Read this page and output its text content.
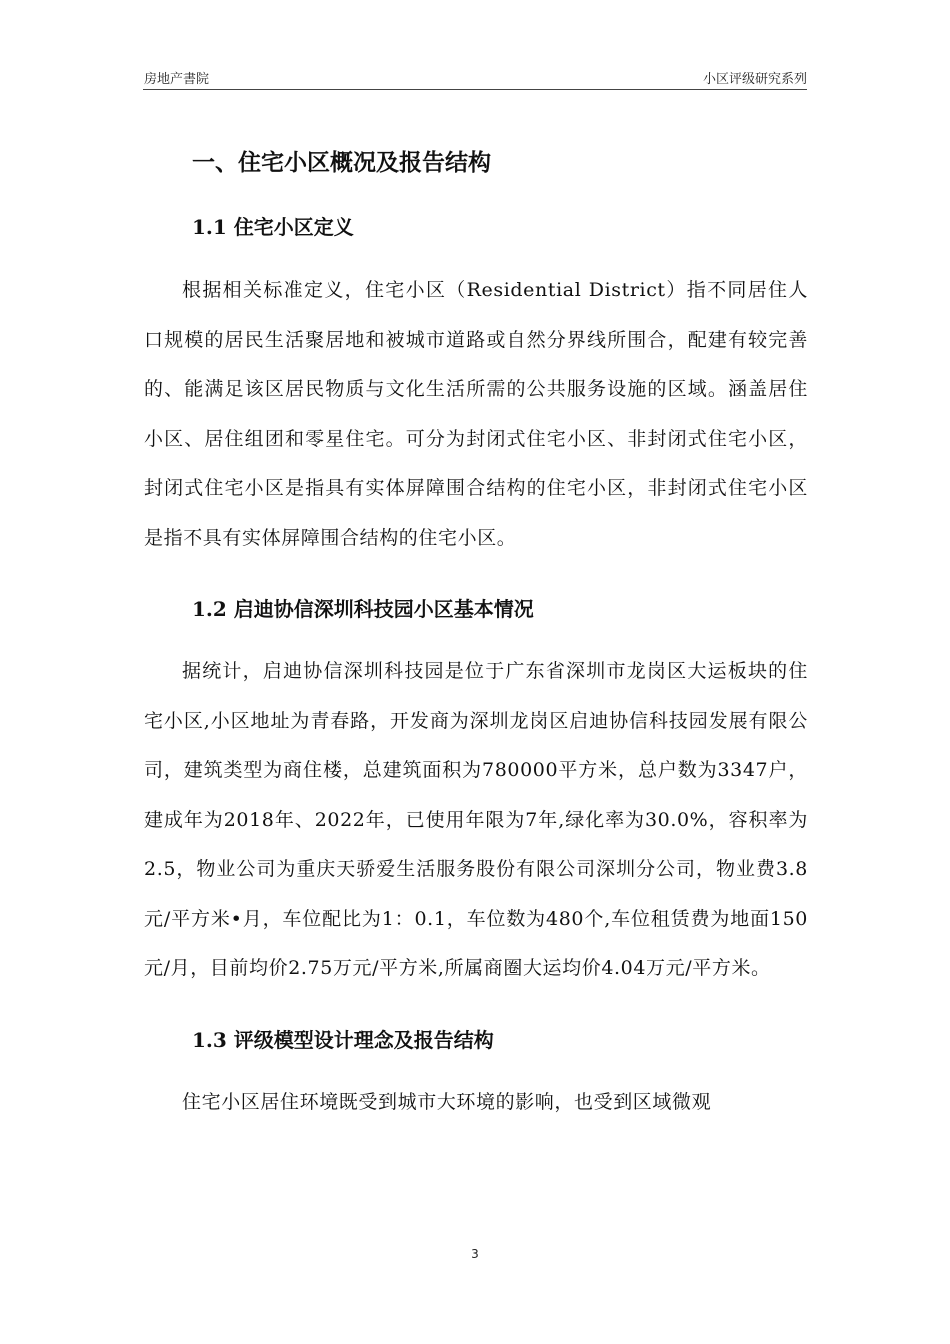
房地产書院	小区评级研究系列
一、住宅小区概况及报告结构
1.1 住宅小区定义

根据相关标准定义，住宅小区（Residential District）指不同居住人口规模的居民生活聚居地和被城市道路或自然分界线所围合，配建有较完善的、能满足该区居民物质与文化生活所需的公共服务设施的区域。涵盖居住小区、居住组团和零星住宅。可分为封闭式住宅小区、非封闭式住宅小区，封闭式住宅小区是指具有实体屏障围合结构的住宅小区，非封闭式住宅小区是指不具有实体屏障围合结构的住宅小区。

1.2 启迪协信深圳科技园小区基本情况

据统计，启迪协信深圳科技园是位于广东省深圳市龙岗区大运板块的住宅小区,小区地址为青春路，开发商为深圳龙岗区启迪协信科技园发展有限公司，建筑类型为商住楼，总建筑面积为780000平方米，总户数为3347户，建成年为2018年、2022年，已使用年限为7年,绿化率为30.0%，容积率为2.5，物业公司为重庆天骄爱生活服务股份有限公司深圳分公司，物业费3.8元/平方米•月，车位配比为1：0.1，车位数为480个,车位租赁费为地面150元/月，目前均价2.75万元/平方米,所属商圈大运均价4.04万元/平方米。

1.3 评级模型设计理念及报告结构

住宅小区居住环境既受到城市大环境的影响，也受到区域微观

3
